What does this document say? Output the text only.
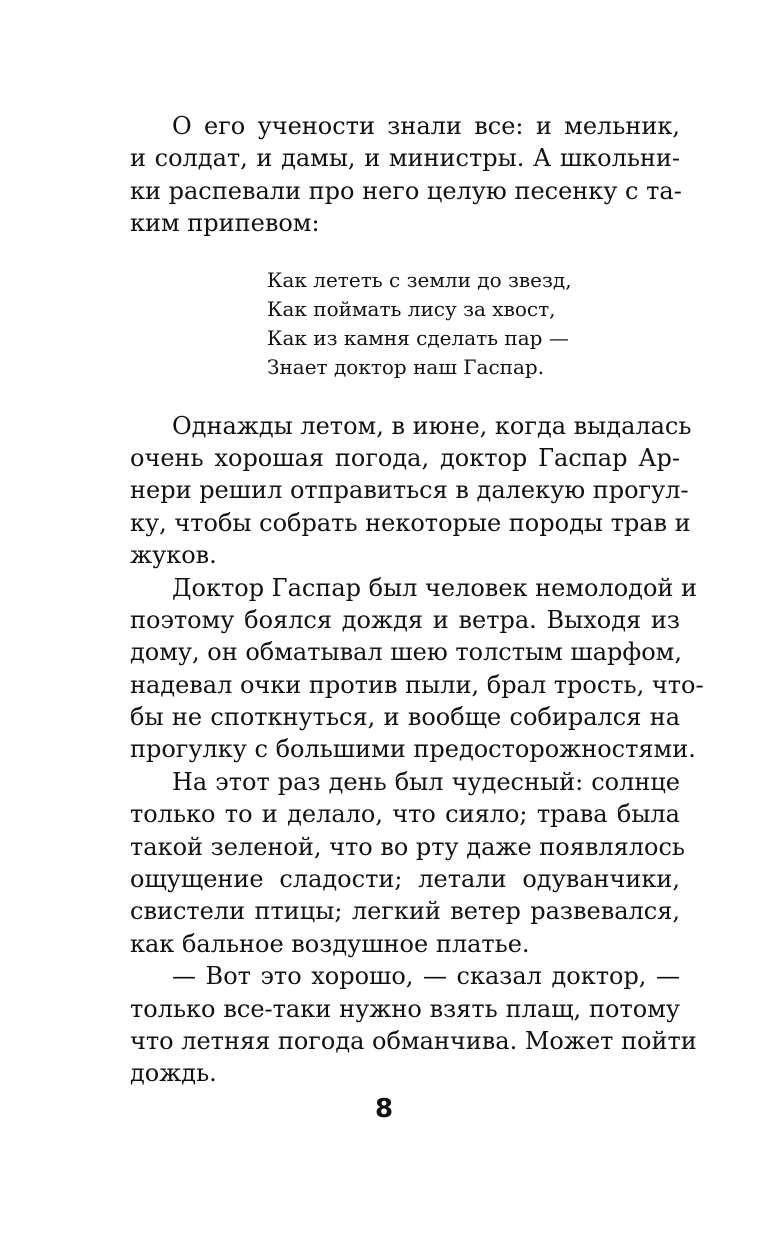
О его учености знали все: и мельник,
и солдат, и дамы, и министры. А школьни-
ки распевали про него целую песенку с та-
ким припевом:
Как лететь с земли до звезд,
Как поймать лису за хвост,
Как из камня сделать пар —
Знает доктор наш Гаспар.
Однажды летом, в июне, когда выдалась
очень хорошая погода, доктор Гаспар Ар-
нери решил отправиться в далекую прогул-
ку, чтобы собрать некоторые породы трав и
жуков.
Доктор Гаспар был человек немолодой и
поэтому боялся дождя и ветра. Выходя из
дому, он обматывал шею толстым шарфом,
надевал очки против пыли, брал трость, что-
бы не споткнуться, и вообще собирался на
прогулку с большими предосторожностями.
На этот раз день был чудесный: солнце
только то и делало, что сияло; трава была
такой зеленой, что во рту даже появлялось
ощущение сладости; летали одуванчики,
свистели птицы; легкий ветер развевался,
как бальное воздушное платье.
— Вот это хорошо, — сказал доктор, —
только все-таки нужно взять плащ, потому
что летняя погода обманчива. Может пойти
дождь.
8
